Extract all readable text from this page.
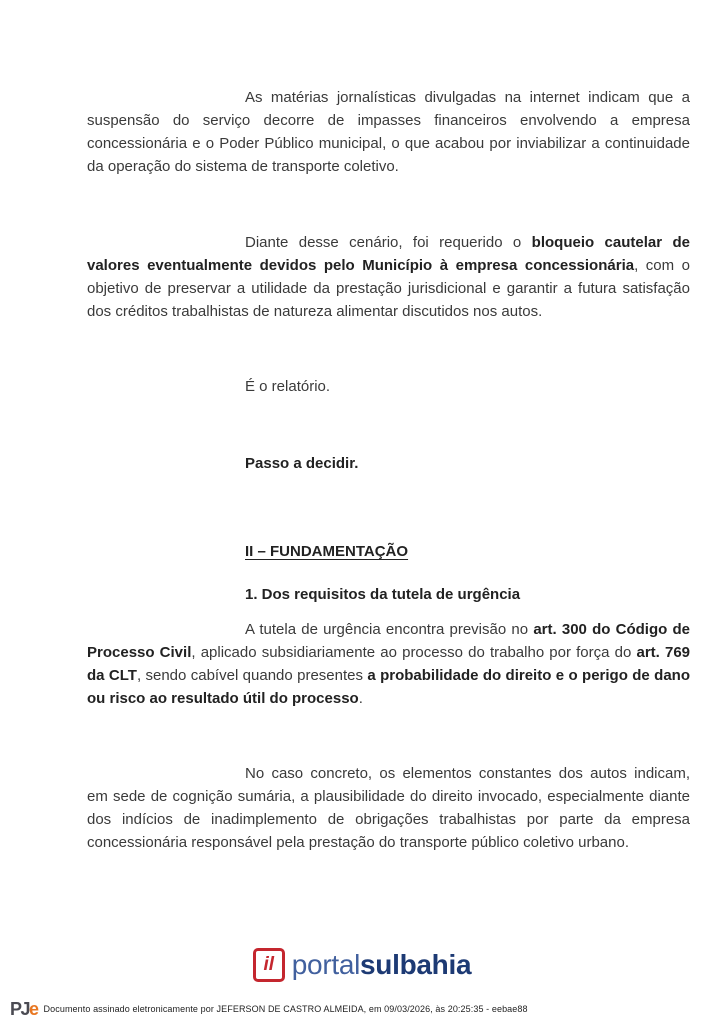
As matérias jornalísticas divulgadas na internet indicam que a suspensão do serviço decorre de impasses financeiros envolvendo a empresa concessionária e o Poder Público municipal, o que acabou por inviabilizar a continuidade da operação do sistema de transporte coletivo.

Diante desse cenário, foi requerido o bloqueio cautelar de valores eventualmente devidos pelo Município à empresa concessionária, com o objetivo de preservar a utilidade da prestação jurisdicional e garantir a futura satisfação dos créditos trabalhistas de natureza alimentar discutidos nos autos.

É o relatório.

Passo a decidir.

II – FUNDAMENTAÇÃO

1. Dos requisitos da tutela de urgência

A tutela de urgência encontra previsão no art. 300 do Código de Processo Civil, aplicado subsidiariamente ao processo do trabalho por força do art. 769 da CLT, sendo cabível quando presentes a probabilidade do direito e o perigo de dano ou risco ao resultado útil do processo.

No caso concreto, os elementos constantes dos autos indicam, em sede de cognição sumária, a plausibilidade do direito invocado, especialmente diante dos indícios de inadimplemento de obrigações trabalhistas por parte da empresa concessionária responsável pela prestação do transporte público coletivo urbano.

il portalsulbahia
PJe Documento assinado eletronicamente por JEFERSON DE CASTRO ALMEIDA, em 09/03/2026, às 20:25:35 - eebae88
